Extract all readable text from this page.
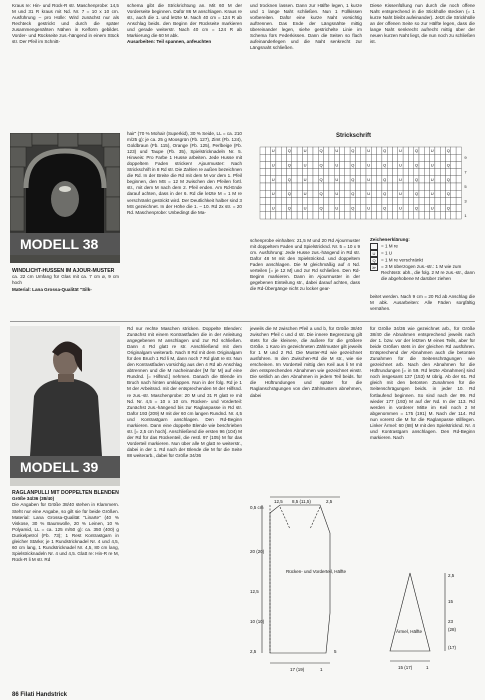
Kraus re: Hin- und Rück-R str. Maschenprobe: 14,5 M und 31 R kraus mit Nd. Nr. 7 = 10 x 10 cm. Ausführung – pro Hülle: Wird zunächst nur als Rechteck gestrickt und durch die später zusammengenähten Nähen in Kelform gebildet. Vorder- und Rückseite zus.-hängend in einem Stück str. Der Pfeil im Schnitt-

schema gibt die Strickrichtung an. Mit 60 M der Vorderseite beginnen. Dafür 86 M anschlagen. Kraus re str., auch die 1. und letzte M. Nach 40 cm = 124 R ab Anschlag beids. den Beginn der Rückseite markieren und gerade weiterstr. Nach 40 cm = 124 R ab Markierung die 60 M abk.

Ausarbeiten: Teil spannen, anfeuchten

und trocknen lassen. Dann zur Hälfte legen, 1 kurze und 1 lange Naht schließen. Nun 1 Füllkissen vorbereiten. Dafür eine kurze Naht vorsichtig auftrennen. Das Ende der Längsnähte mittig übereinander legen, siehe gestrichelte Linie im Schema fürs Federkissen. Dann die Seiten so flach aufeinanderlegen und die Naht senkrecht zur Längsnaht schließen.

Diese Kissenfüllung nun durch die noch offene Naht entsprechend in die Stickhülle stecken (= 1 kurze Naht bleibt aufeinander). Jetzt die Strickhülle an der offenen Seite so zur Hälfte legen, dass die lange Naht senkrecht aufrecht mittig über der neuen kurzen Naht liegt, die nun noch zu schließen ist.

MODELL 38

WINDLICHT-HUSSEN IM AJOUR-MUSTER

ca. 22 cm Umfang für Glas mit ca. 7 cm ø, 9 cm hoch

Material: Lana Grossa-Qualität "Silk-

hair" (70 % Mohair (Superkid), 30 % Seide, LL = ca. 210 m/25 g): je ca. 25 g Moosgrün (Fb. 127), Zimt (Fb. 124), Goldbraun (Fb. 115), Orange (Fb. 125), Perlbeige (Fb. 123) und Taupe (Fb. 35), Spielstricknadeln Nr. 5. Hinweis: Pro Farbe 1 Husse arbeiten. Jede Husse mit doppeltem Faden stricken! Ajourmuster: Nach Strickschrift in 8 Rd str. Die Zahlen re außen bezeichnen die Rd. In der Breite die Rd mit dem M vor dem 1. Pfeil beginnen, den MS = 12 M zwischen den Pfeilen fortl. str., mit dem M nach dem 2. Pfeil enden. Am Rd-Ende darauf achten, dass in der 6. Rd die letzte M = 1 M re verschränkt gestrickt wird. Der Deutlichkeit halber sind 3 MS gezeichnet. In der Höhe die 1. – 10. Rd 2x str. = 20 Rd. Maschenprobe: Unbedingt die Ma-

Strickschrift
U	Q	U	Q	U	Q	U	Q	U	Q	U	Q
U	Q	U	Q	U	Q	U	Q	U	Q	U	Q
U	Q	U	Q	U	Q	U	Q	U	Q	U	Q
U	Q	U	Q	U	Q	U	Q	U	Q	U	Q
U	Q	U	Q	U	Q	U	Q	U	Q	U	Q
1
3
5
7
9

schenprobe einhalten: 21,5 M und 20 Rd Ajourmuster mit doppeltem Faden und Spielstricknd. Nr. 5 = 10 x 9 cm. Ausführung: Jede Husse zus.-hängend in Rd str. Dafür 48 M mit den Spielstricknd. und doppeltem Faden anschlagen. Die M gleichmäßig auf 4 Nd. verteilen [= je 12 M] und zur Rd schließen. Den Rd-Beginn markieren. Dann im Ajourmuster in der gegebenen Einteilung str., dabei darauf achten, dass die Rd-Übergänge nicht zu locker gear-

Zeichenerklärung:
= 1 M re
U = 1 U
Q = 1 M re verschränkt
≫	= 3 M überzogen zus.-str.: 1 M wie zum Rechtsstr. abh., die folg. 2 M re zus.-str., dann die abgehobene M darüber ziehen

beitet werden. Nach 9 cm = 20 Rd ab Anschlag die M abk. Ausarbeiten: Alle Fäden sorgfältig vernähen.

MODELL 39

RAGLANPULLI MIT DOPPELTEN BLENDEN

Größe 34/36 (38/40)

Die Angaben für Größe 38/40 stehen in Klammern. Steht nur eine Angabe, so gilt sie für beide Größen. Material: Lana Grossa-Qualität "Linarte" (40 % Viskose, 30 % Baumwolle, 20 % Leinen, 10 % Polyamid, LL = ca. 125 m/50 g): ca. 350 (400) g Dunkelpetrol (Fb. 73); 1 Rest Kontrastgarn in gleicher Stärke; je 1 Rundstricknadel Nr. 4 und 4,5, 60 cm lang, 1 Rundstricknadel Nr. 4,5, 80 cm lang, Spielstricknadeln Nr. 4 und 4,5. Glatt re: Hin-R re M, Rück-R li M str. Rd

Rd nur rechte Maschen stricken. Doppelte Blenden: Zunächst mit einem Kontrastfaden die in der Anleitung angegebenen M anschlagen und zur Rd schließen. Dann 4 Rd glatt re str. Anschließend mit dem Originalgarn weiterarb. Nach 8 Rd mit dem Originalgarn für den Bruch 1 Rd li M, dann noch 7 Rd glatt re str. Nun den Kontrastfaden vorsichtig aus den 4 Rd ab Anschlag abtrennen und die M nacheinander [M für M] auf eine Rundnd. [= Hilfsnd.] nehmen. Danach die Blende im Bruch nach hinten umklappen. Nun in der folg. Rd je 1 M der Arbeitsnd. mit der entsprechenden M der Hilfsnd. re zus.-str. Maschenprobe: 20 M und 31 R glatt re mit Nd. Nr. 4,5 = 10 x 10 cm. Rücken- und Vorderteil: Zunächst zus.-hängend bis zur Raglanpasse in Rd str. Dafür 193 (209) M mit der 60 cm langen Rundnd. Nr. 4,5 und Kontrastgarn anschlagen. Den Rd-Beginn markieren. Dann eine doppelte Blende wie beschrieben str. [= 2,5 cm hoch]. Anschließend die ersten 96 (104) M der Rd für das Rückenteil, die restl. 97 (105) M für das Vorderteil markieren. Nun über alle M glatt re weiterstr., dabei in der 1. Rd nach der Blende die M für die Seite 88 weiterarb., dabei für Größe 34/36

jeweils die M zwischen Pfeil a und b, für Größe 38/40 zwischen Pfeil c und d str. Die innere Begrenzung gilt stets für die kleinere, die äußere für die größere Größe. 1 Karo im gezeichneten Zählmuster gilt jeweils für 1 M und 2 Rd. Die Muster-Rd wie gezeichnet ausführen. In den Zwischen-Rd die M str., wie sie erscheinen. Im Vorderteil mittig den Keil aus li M mit den entsprechenden Abnahmen wie gezeichnet einstr. Die seitlich an den Abnahmen in jedem Teil beids. für die Hüftrundungen und später für die Raglanschrägungen von den Zählmustern abnehmen, dabei

für Größe 34/36 wie gezeichnet arb., für Größe 38/40 die Abnahmen entsprechend jeweils nach der 1. bzw. vor der letzten M eines Teils, aber für beide Größen stets in der gleichen Rd ausführen. Entsprechend der Abnahmen auch die betonten Zunahmen für die Seitenschrägungen wie gezeichnet arb. Nach den Abnahmen für die Hüftrundungen [= in 59. Rd letzte Abnahmen] sind noch insgesamt 137 (153) M übrig. Ab der 61. Rd gleich mit den betonten Zunahmen für die Seitenschrägungen beids. in jeder 10. Rd fortlaufend beginnen. So sind nach der 99. Rd wieder 177 (193) M auf der Nd. In der 113. Rd werden in vorderer Mitte im Keil noch 2 M abgenommen = 175 (191) M. Nach der 114. Rd nun vorerst die M für die Raglanpasse stilllegen. Linker Ärmel: 60 (68) M mit den Spielstricknd. Nr. 4 und Kontrastgarn anschlagen. Den Rd-Beginn markieren. Nach

12,5 8,5 (11,5)	2,5
0,5 cm
20 (20)
12,5
10 (10)
2,5
Rücken- und Vorderteil, Hälfte
17 (19)	1
5
Ärmel, Hälfte
2,5
15
23
(28)
(17)
15 (17)	1
86 Filati Handstrick
